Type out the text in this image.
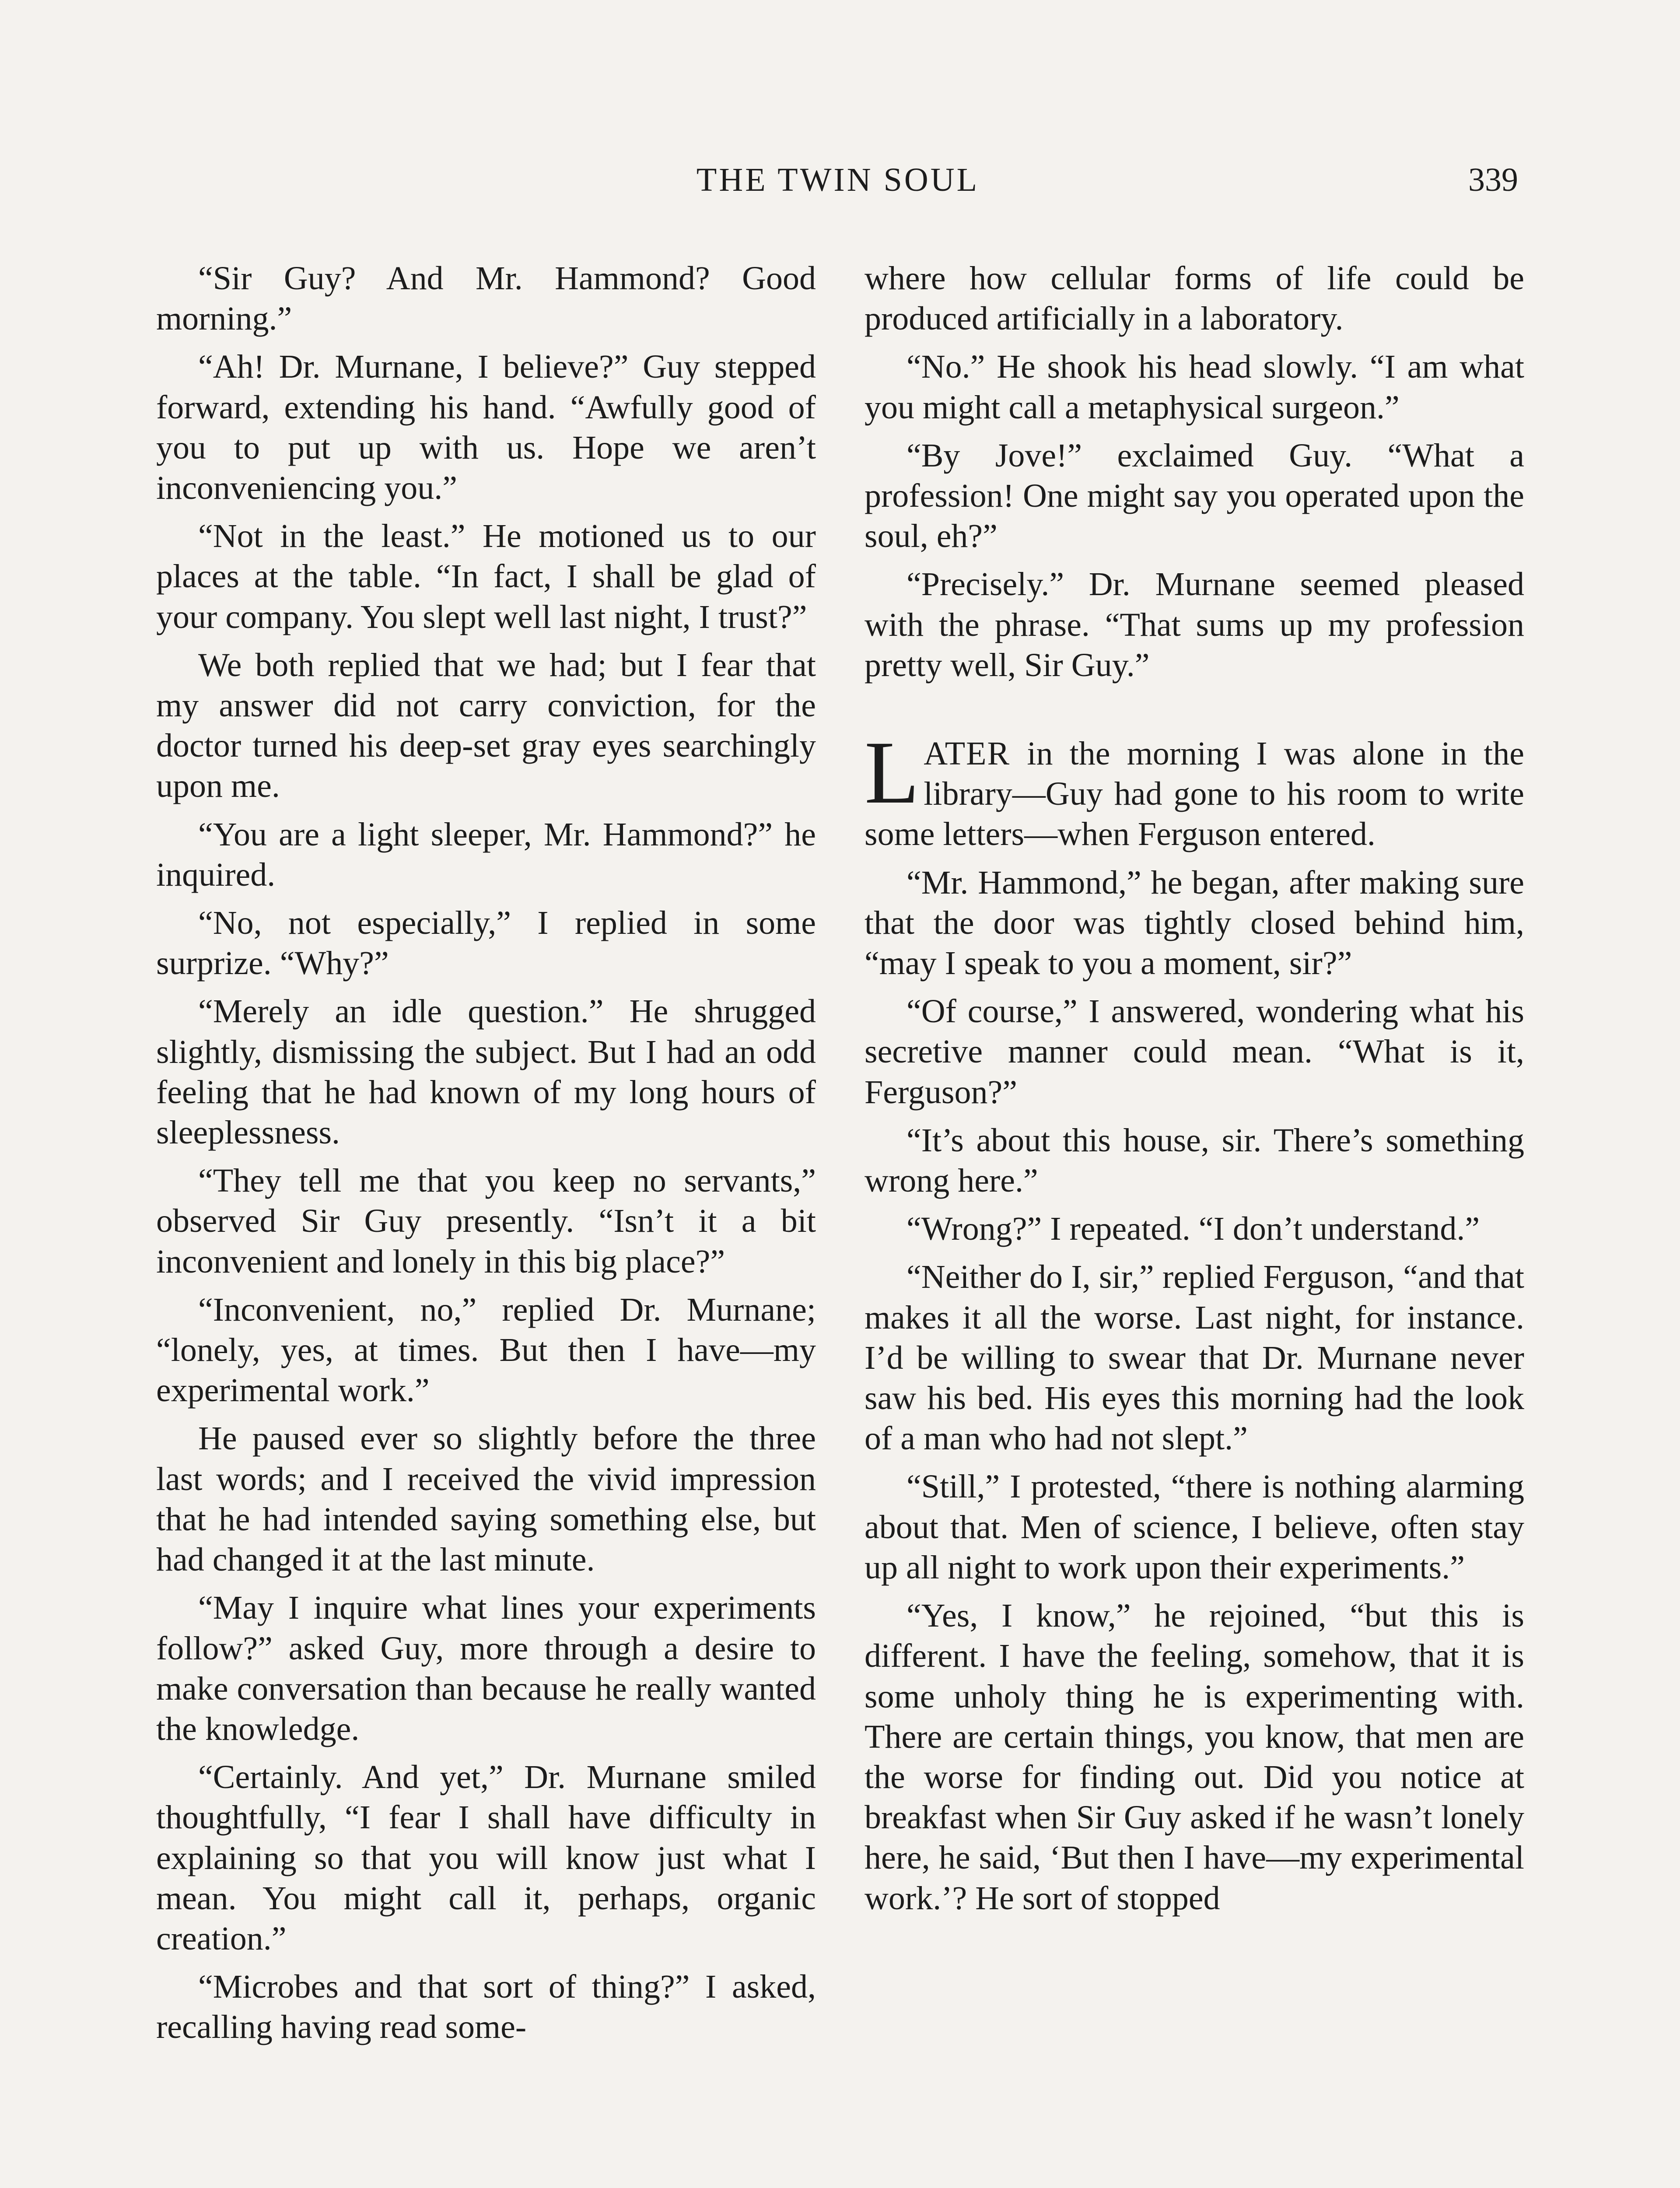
THE TWIN SOUL	339

“Sir Guy? And Mr. Hammond? Good morning.”

“Ah! Dr. Murnane, I believe?” Guy stepped forward, extending his hand. “Awfully good of you to put up with us. Hope we aren’t inconveniencing you.”

“Not in the least.” He motioned us to our places at the table. “In fact, I shall be glad of your company. You slept well last night, I trust?”

We both replied that we had; but I fear that my answer did not carry conviction, for the doctor turned his deep-set gray eyes searchingly upon me.

“You are a light sleeper, Mr. Hammond?” he inquired.

“No, not especially,” I replied in some surprize. “Why?”

“Merely an idle question.” He shrugged slightly, dismissing the subject. But I had an odd feeling that he had known of my long hours of sleeplessness.

“They tell me that you keep no servants,” observed Sir Guy presently. “Isn’t it a bit inconvenient and lonely in this big place?”

“Inconvenient, no,” replied Dr. Murnane; “lonely, yes, at times. But then I have—my experimental work.”

He paused ever so slightly before the three last words; and I received the vivid impression that he had intended saying something else, but had changed it at the last minute.

“May I inquire what lines your experiments follow?” asked Guy, more through a desire to make conversation than because he really wanted the knowledge.

“Certainly. And yet,” Dr. Murnane smiled thoughtfully, “I fear I shall have difficulty in explaining so that you will know just what I mean. You might call it, perhaps, organic creation.”

“Microbes and that sort of thing?” I asked, recalling having read some-

where how cellular forms of life could be produced artificially in a laboratory.

“No.” He shook his head slowly. “I am what you might call a metaphysical surgeon.”

“By Jove!” exclaimed Guy. “What a profession! One might say you operated upon the soul, eh?”

“Precisely.” Dr. Murnane seemed pleased with the phrase. “That sums up my profession pretty well, Sir Guy.”

LATER in the morning I was alone in the library—Guy had gone to his room to write some letters—when Ferguson entered.

“Mr. Hammond,” he began, after making sure that the door was tightly closed behind him, “may I speak to you a moment, sir?”

“Of course,” I answered, wondering what his secretive manner could mean. “What is it, Ferguson?”

“It’s about this house, sir. There’s something wrong here.”

“Wrong?” I repeated. “I don’t understand.”

“Neither do I, sir,” replied Ferguson, “and that makes it all the worse. Last night, for instance. I’d be willing to swear that Dr. Murnane never saw his bed. His eyes this morning had the look of a man who had not slept.”

“Still,” I protested, “there is nothing alarming about that. Men of science, I believe, often stay up all night to work upon their experiments.”

“Yes, I know,” he rejoined, “but this is different. I have the feeling, somehow, that it is some unholy thing he is experimenting with. There are certain things, you know, that men are the worse for finding out. Did you notice at breakfast when Sir Guy asked if he wasn’t lonely here, he said, ‘But then I have—my experimental work.’? He sort of stopped
